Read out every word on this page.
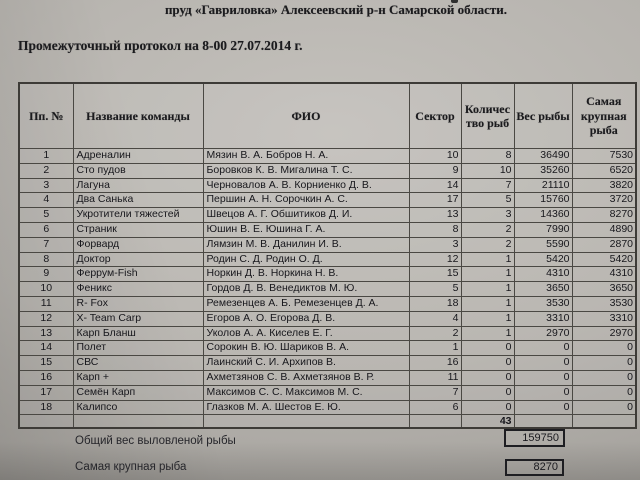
пруд «Гавриловка» Алексеевский р-н Самарской области.
Промежуточный протокол на 8-00 27.07.2014 г.
Пп. №	Название команды	ФИО	Сектор	Количес тво рыб	Вес рыбы	Самая крупная рыба
1	Адреналин	Мязин В. А. Бобров Н. А.	10	8	36490	7530
2	Сто пудов	Боровков К. В. Мигалина Т. С.	9	10	35260	6520
3	Лагуна	Черновалов А. В. Корниенко Д. В.	14	7	21110	3820
4	Два Санька	Першин А. Н. Сорочкин А. С.	17	5	15760	3720
5	Укротители тяжестей	Швецов А. Г. Обшитиков Д. И.	13	3	14360	8270
6	Страник	Юшин В. Е. Юшина Г. А.	8	2	7990	4890
7	Форвард	Лямзин М. В. Данилин И. В.	3	2	5590	2870
8	Доктор	Родин С. Д. Родин О. Д.	12	1	5420	5420
9	Феррум-Fish	Норкин Д. В. Норкина Н. В.	15	1	4310	4310
10	Феникс	Гордов Д. В. Венедиктов М. Ю.	5	1	3650	3650
11	R- Fox	Ремезенцев А. Б. Ремезенцев Д. А.	18	1	3530	3530
12	X- Team Carp	Егоров А. О. Егорова Д. В.	4	1	3310	3310
13	Карп Бланш	Уколов А. А. Киселев Е. Г.	2	1	2970	2970
14	Полет	Сорокин В. Ю. Шариков В. А.	1	0	0	0
15	СВС	Лаинский С. И. Архипов В.	16	0	0	0
16	Карп +	Ахметзянов С. В. Ахметзянов В. Р.	11	0	0	0
17	Семён Карп	Максимов С. С. Максимов М. С.	7	0	0	0
18	Калипсо	Глазков М. А. Шестов Е. Ю.	6	0	0	0
				43		
Общий вес выловленой рыбы	159750
Самая крупная рыба	8270
